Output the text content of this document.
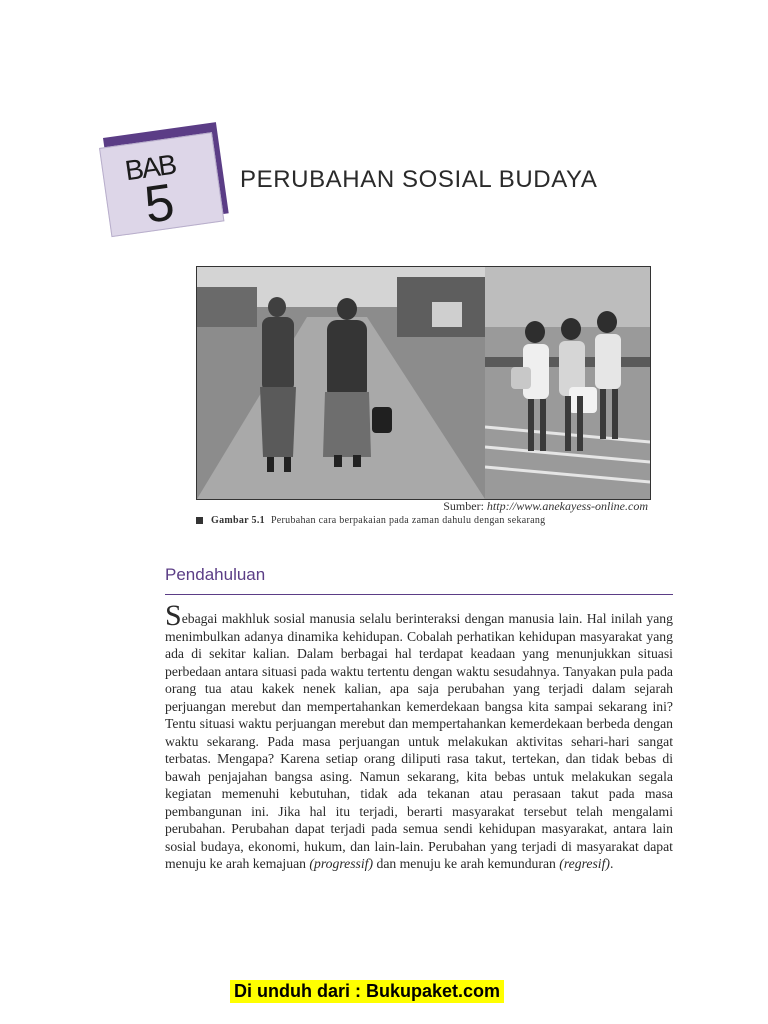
BAB
5	PERUBAHAN SOSIAL BUDAYA
Sumber: http://www.anekayess-online.com
Gambar 5.1 Perubahan cara berpakaian pada zaman dahulu dengan sekarang
Pendahuluan
Sebagai makhluk sosial manusia selalu berinteraksi dengan manusia lain. Hal inilah yang menimbulkan adanya dinamika kehidupan. Cobalah perhatikan kehidupan masyarakat yang ada di sekitar kalian. Dalam berbagai hal terdapat keadaan yang menunjukkan situasi perbedaan antara situasi pada waktu tertentu dengan waktu sesudahnya. Tanyakan pula pada orang tua atau kakek nenek kalian, apa saja perubahan yang terjadi dalam sejarah perjuangan merebut dan mempertahankan kemerdekaan bangsa kita sampai sekarang ini? Tentu situasi waktu perjuangan merebut dan mempertahankan kemerdekaan berbeda dengan waktu sekarang. Pada masa perjuangan untuk melakukan aktivitas sehari-hari sangat terbatas. Mengapa? Karena setiap orang diliputi rasa takut, tertekan, dan tidak bebas di bawah penjajahan bangsa asing. Namun sekarang, kita bebas untuk melakukan segala kegiatan memenuhi kebutuhan, tidak ada tekanan atau perasaan takut pada masa pembangunan ini. Jika hal itu terjadi, berarti masyarakat tersebut telah mengalami perubahan. Perubahan dapat terjadi pada semua sendi kehidupan masyarakat, antara lain sosial budaya, ekonomi, hukum, dan lain-lain. Perubahan yang terjadi di masyarakat dapat menuju ke arah kemajuan (progressif) dan menuju ke arah kemunduran (regresif).
Di unduh dari : Bukupaket.com
